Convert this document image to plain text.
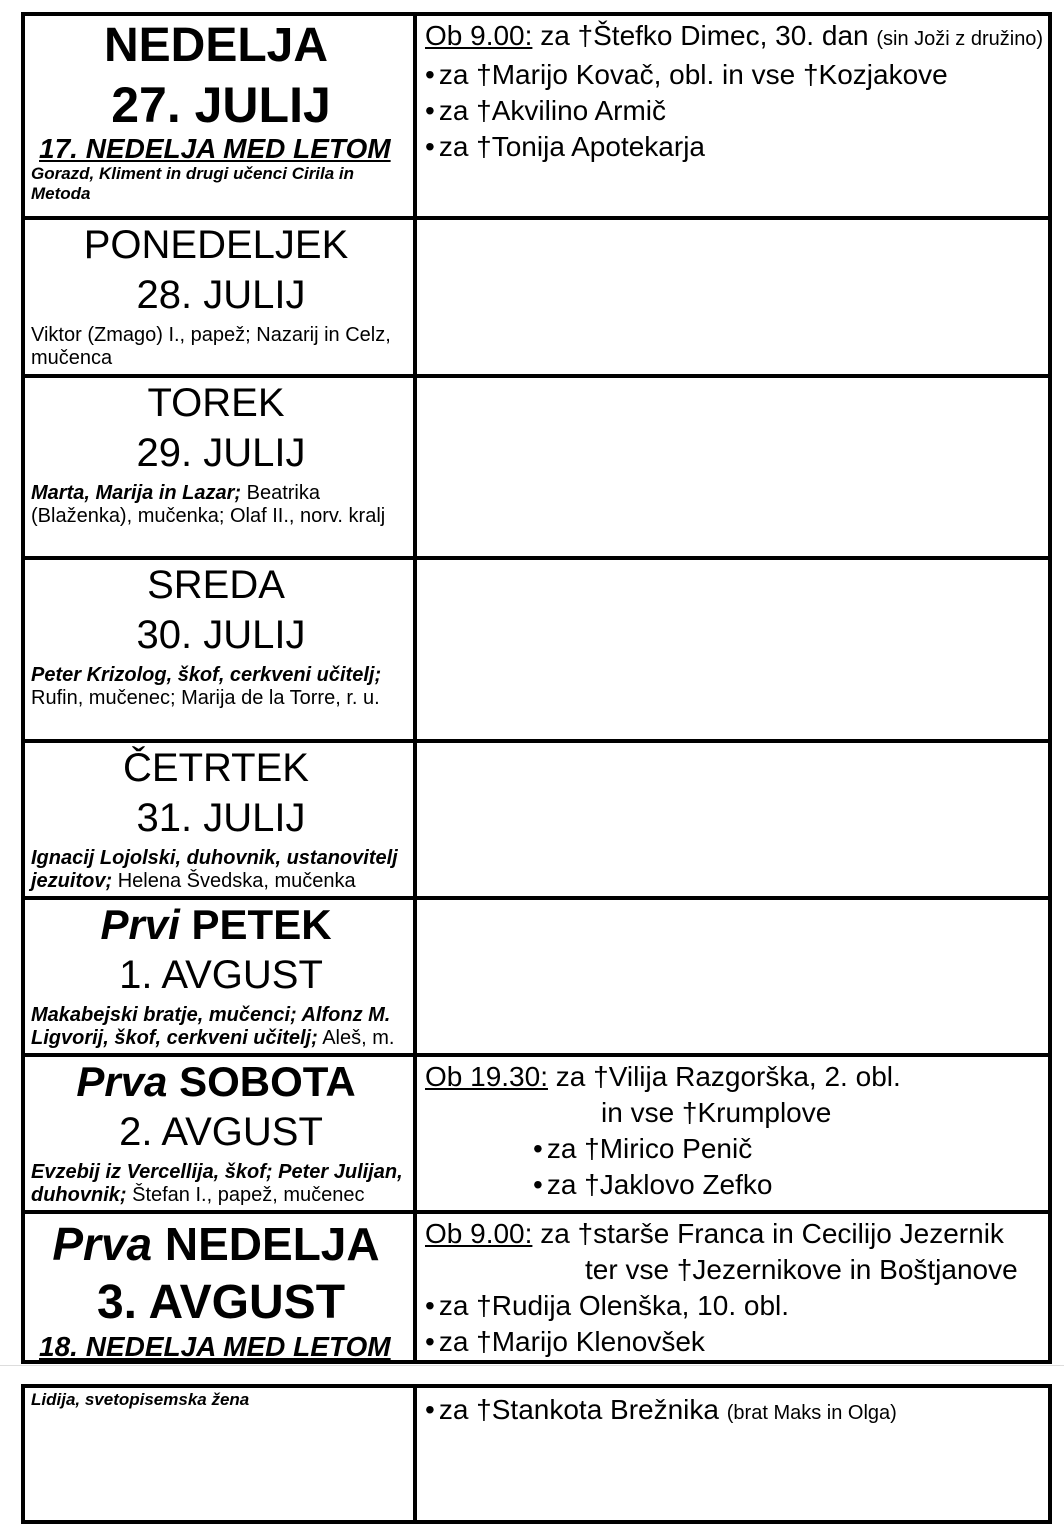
NEDELJA
27. JULIJ
17. NEDELJA MED LETOM
Gorazd, Kliment in drugi učenci Cirila in Metoda
Ob 9.00: za †Štefko Dimec, 30. dan (sin Joži z družino)
• za †Marijo Kovač, obl. in vse †Kozjakove
• za †Akvilino Armič
• za †Tonija Apotekarja
PONEDELJEK
28. JULIJ
Viktor (Zmago) I., papež; Nazarij in Celz, mučenca
TOREK
29. JULIJ
Marta, Marija in Lazar; Beatrika (Blaženka), mučenka; Olaf II., norv. kralj
SREDA
30. JULIJ
Peter Krizolog, škof, cerkveni učitelj; Rufin, mučenec; Marija de la Torre, r. u.
ČETRTEK
31. JULIJ
Ignacij Lojolski, duhovnik, ustanovitelj jezuitov; Helena Švedska, mučenka
Prvi PETEK
1. AVGUST
Makabejski bratje, mučenci; Alfonz M. Ligvorij, škof, cerkveni učitelj; Aleš, m.
Prva SOBOTA
2. AVGUST
Evzebij iz Vercellija, škof; Peter Julijan, duhovnik; Štefan I., papež, mučenec
Ob 19.30: za †Vilija Razgorška, 2. obl.
in vse †Krumplove
• za †Mirico Penič
• za †Jaklovo Zefko
Prva NEDELJA
3. AVGUST
18. NEDELJA MED LETOM
Ob 9.00: za †starše Franca in Cecilijo Jezernik
ter vse †Jezernikove in Boštjanove
• za †Rudija Olenška, 10. obl.
• za †Marijo Klenovšek
Lidija, svetopisemska žena
•	za †Stankota Brežnika (brat Maks in Olga)
